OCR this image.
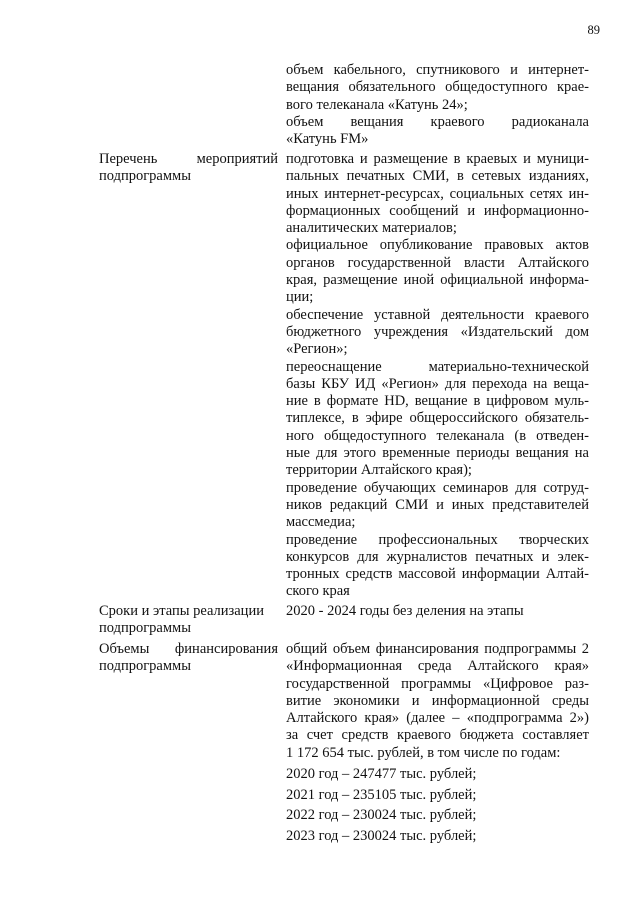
89
объем кабельного, спутникового и интернет-
вещания обязательного общедоступного крае-
вого телеканала «Катунь 24»;
объем вещания краевого радиоканала
«Катунь FM»
Перечень мероприятий
подпрограммы
подготовка и размещение в краевых и муници-
пальных печатных СМИ, в сетевых изданиях,
иных интернет-ресурсах, социальных сетях ин-
формационных сообщений и информационно-
аналитических материалов;
официальное опубликование правовых актов
органов государственной власти Алтайского
края, размещение иной официальной информа-
ции;
обеспечение уставной деятельности краевого
бюджетного учреждения «Издательский дом
«Регион»;
переоснащение материально-технической
базы КБУ ИД «Регион» для перехода на веща-
ние в формате HD, вещание в цифровом муль-
типлексе, в эфире общероссийского обязатель-
ного общедоступного телеканала (в отведен-
ные для этого временные периоды вещания на
территории Алтайского края);
проведение обучающих семинаров для сотруд-
ников редакций СМИ и иных представителей
массмедиа;
проведение профессиональных творческих
конкурсов для журналистов печатных и элек-
тронных средств массовой информации Алтай-
ского края
Сроки и этапы реализации
подпрограммы
2020 - 2024 годы без деления на этапы
Объемы финансирования
подпрограммы
общий объем финансирования подпрограммы 2
«Информационная среда Алтайского края»
государственной программы «Цифровое раз-
витие экономики и информационной среды
Алтайского края» (далее – «подпрограмма 2»)
за счет средств краевого бюджета составляет
1 172 654 тыс. рублей, в том числе по годам:
2020 год – 247477 тыс. рублей;
2021 год – 235105 тыс. рублей;
2022 год – 230024 тыс. рублей;
2023 год – 230024 тыс. рублей;
